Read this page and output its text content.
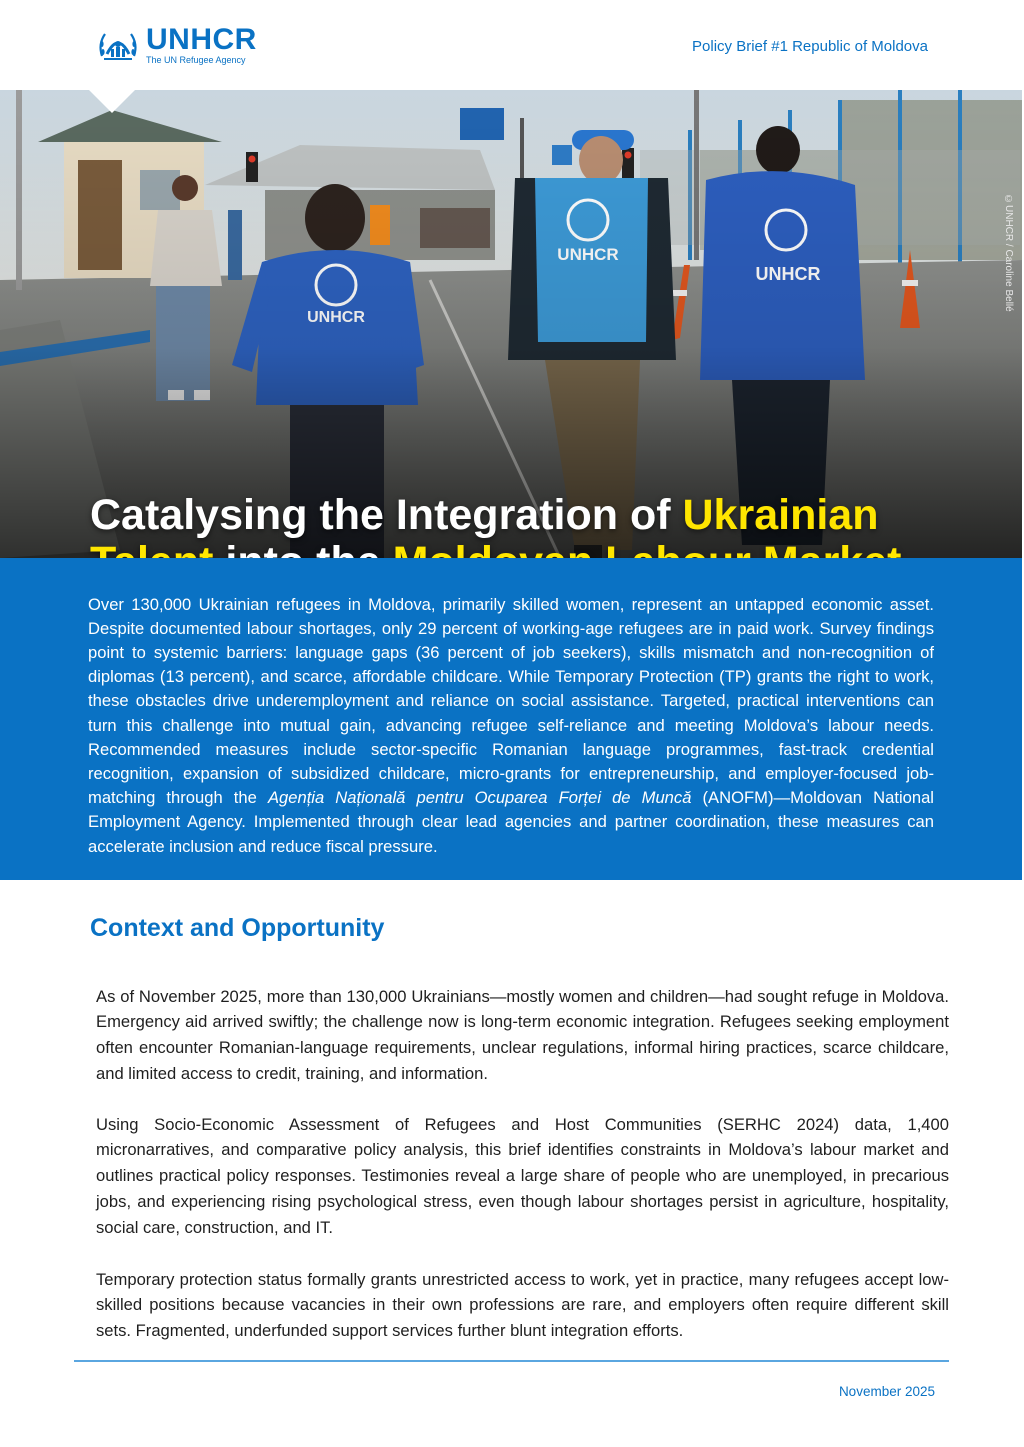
UNHCR
The UN Refugee Agency
Policy Brief #1 Republic of Moldova
©UNHCR / Caroline Bellé
Catalysing the Integration of Ukrainian

Over 130,000 Ukrainian refugees in Moldova, primarily skilled women, represent an untapped economic asset. Despite documented labour shortages, only 29 percent of working-age refugees are in paid work. Survey findings point to systemic barriers: language gaps (36 percent of job seekers), skills mismatch and non-recognition of diplomas (13 percent), and scarce, affordable childcare. While Temporary Protection (TP) grants the right to work, these obstacles drive underemployment and reliance on social assistance. Targeted, practical interventions can turn this challenge into mutual gain, advancing refugee self-reliance and meeting Moldova’s labour needs. Recommended measures include sector-specific Romanian language programmes, fast-track credential recognition, expansion of subsidized childcare, micro-grants for entrepreneurship, and employer-focused job-matching through the Agenția Națională pentru Ocuparea Forței de Muncă (ANOFM)—Moldovan National Employment Agency. Implemented through clear lead agencies and partner coordination, these measures can accelerate inclusion and reduce fiscal pressure.

Context and Opportunity

As of November 2025, more than 130,000 Ukrainians—mostly women and children—had sought refuge in Moldova. Emergency aid arrived swiftly; the challenge now is long-term economic integration. Refugees seeking employment often encounter Romanian-language requirements, unclear regulations, informal hiring practices, scarce childcare, and limited access to credit, training, and information.

Using Socio-Economic Assessment of Refugees and Host Communities (SERHC 2024) data, 1,400 micronarratives, and comparative policy analysis, this brief identifies constraints in Moldova’s labour market and outlines practical policy responses. Testimonies reveal a large share of people who are unemployed, in precarious jobs, and experiencing rising psychological stress, even though labour shortages persist in agriculture, hospitality, social care, construction, and IT.

Temporary protection status formally grants unrestricted access to work, yet in practice, many refugees accept low-skilled positions because vacancies in their own professions are rare, and employers often require different skill sets. Fragmented, underfunded support services further blunt integration efforts.

November 2025
